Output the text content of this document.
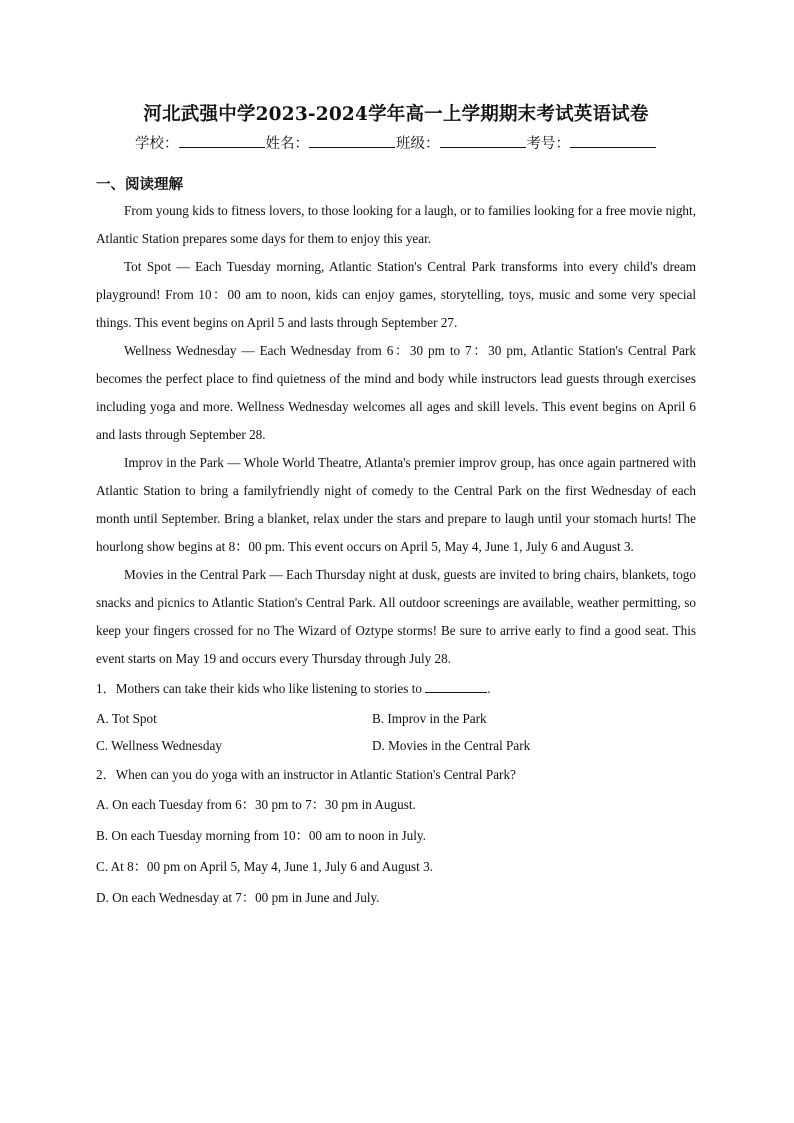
河北武强中学2023-2024学年高一上学期期末考试英语试卷
学校：	姓名：	班级：	考号：
一、阅读理解

From young kids to fitness lovers, to those looking for a laugh, or to families looking for a free movie night, Atlantic Station prepares some days for them to enjoy this year.

Tot Spot — Each Tuesday morning, Atlantic Station's Central Park transforms into every child's dream playground! From 10：00 am to noon, kids can enjoy games, storytelling, toys, music and some very special things. This event begins on April 5 and lasts through September 27.

Wellness Wednesday — Each Wednesday from 6：30 pm to 7：30 pm, Atlantic Station's Central Park becomes the perfect place to find quietness of the mind and body while instructors lead guests through exercises including yoga and more. Wellness Wednesday welcomes all ages and skill levels. This event begins on April 6 and lasts through September 28.

Improv in the Park — Whole World Theatre, Atlanta's premier improv group, has once again partnered with Atlantic Station to bring a familyfriendly night of comedy to the Central Park on the first Wednesday of each month until September. Bring a blanket, relax under the stars and prepare to laugh until your stomach hurts! The hourlong show begins at 8：00 pm. This event occurs on April 5, May 4, June 1, July 6 and August 3.

Movies in the Central Park — Each Thursday night at dusk, guests are invited to bring chairs, blankets, togo snacks and picnics to Atlantic Station's Central Park. All outdoor screenings are available, weather permitting, so keep your fingers crossed for no The Wizard of Oztype storms! Be sure to arrive early to find a good seat. This event starts on May 19 and occurs every Thursday through July 28.

1．Mothers can take their kids who like listening to stories to	.
A. Tot Spot	B. Improv in the Park
C. Wellness Wednesday	D. Movies in the Central Park
2．When can you do yoga with an instructor in Atlantic Station's Central Park?
A. On each Tuesday from 6：30 pm to 7：30 pm in August.
B. On each Tuesday morning from 10：00 am to noon in July.
C. At 8：00 pm on April 5, May 4, June 1, July 6 and August 3.
D. On each Wednesday at 7：00 pm in June and July.
